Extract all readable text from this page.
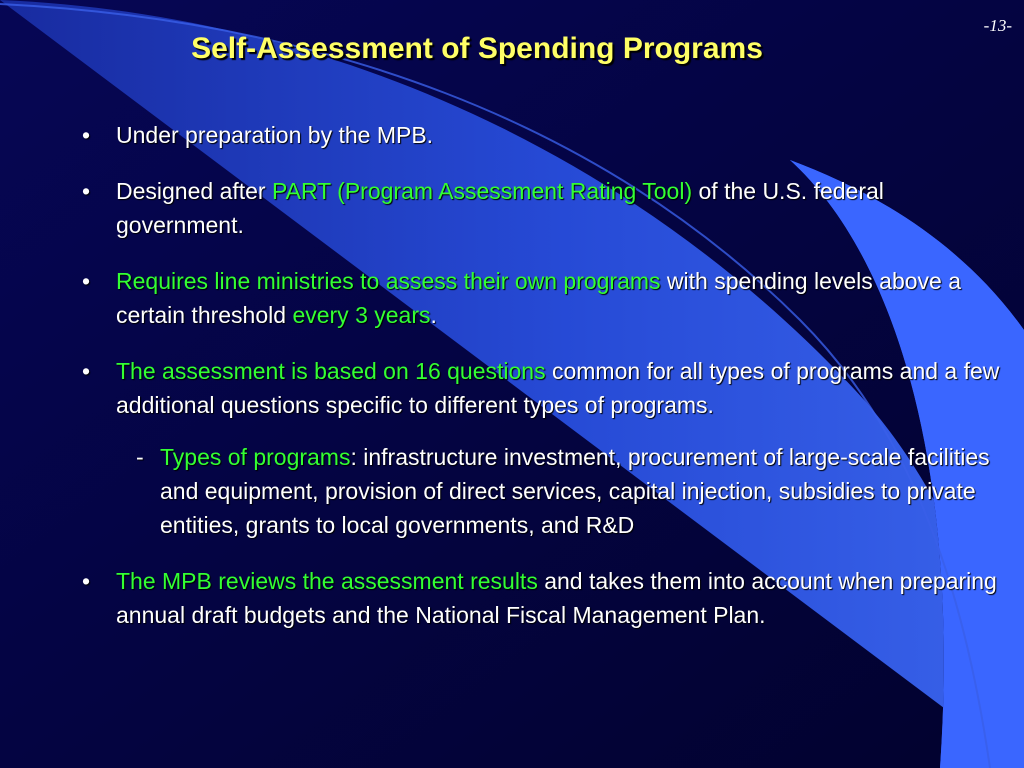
-13-
Self-Assessment of Spending Programs
•	Under preparation by the MPB.
•	Designed after PART (Program Assessment Rating Tool) of the U.S. federal government.
•	Requires line ministries to assess their own programs with spending levels above a certain threshold every 3 years.
•	The assessment is based on 16 questions common for all types of programs and a few additional questions specific to different types of programs.
- Types of programs: infrastructure investment, procurement of large-scale facilities and equipment, provision of direct services, capital injection, subsidies to private entities, grants to local governments, and R&D
•	The MPB reviews the assessment results and takes them into account when preparing annual draft budgets and the National Fiscal Management Plan.
